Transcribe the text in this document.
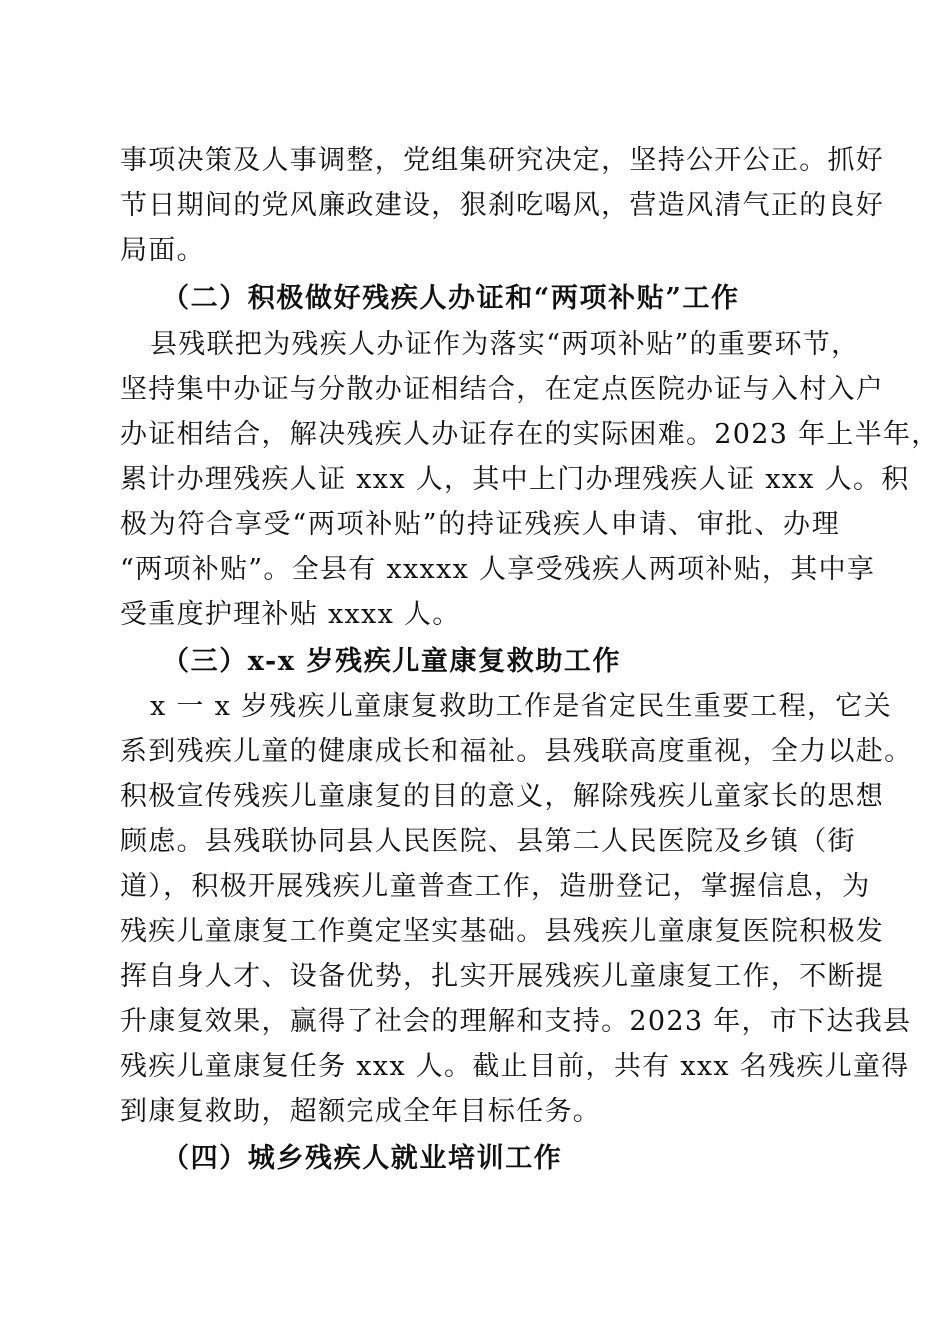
事项决策及人事调整，党组集研究决定，坚持公开公正。抓好
节日期间的党风廉政建设，狠刹吃喝风，营造风清气正的良好
局面。
（二）积极做好残疾人办证和“两项补贴”工作
县残联把为残疾人办证作为落实“两项补贴”的重要环节，
坚持集中办证与分散办证相结合，在定点医院办证与入村入户
办证相结合，解决残疾人办证存在的实际困难。2023 年上半年，
累计办理残疾人证 xxx 人，其中上门办理残疾人证 xxx 人。积
极为符合享受“两项补贴”的持证残疾人申请、审批、办理
“两项补贴”。全县有 xxxxx 人享受残疾人两项补贴，其中享
受重度护理补贴 xxxx 人。
（三）x-x 岁残疾儿童康复救助工作
x 一 x 岁残疾儿童康复救助工作是省定民生重要工程，它关
系到残疾儿童的健康成长和福祉。县残联高度重视，全力以赴。
积极宣传残疾儿童康复的目的意义，解除残疾儿童家长的思想
顾虑。县残联协同县人民医院、县第二人民医院及乡镇（街
道），积极开展残疾儿童普查工作，造册登记，掌握信息，为
残疾儿童康复工作奠定坚实基础。县残疾儿童康复医院积极发
挥自身人才、设备优势，扎实开展残疾儿童康复工作，不断提
升康复效果，赢得了社会的理解和支持。2023 年，市下达我县
残疾儿童康复任务 xxx 人。截止目前，共有 xxx 名残疾儿童得
到康复救助，超额完成全年目标任务。
（四）城乡残疾人就业培训工作
